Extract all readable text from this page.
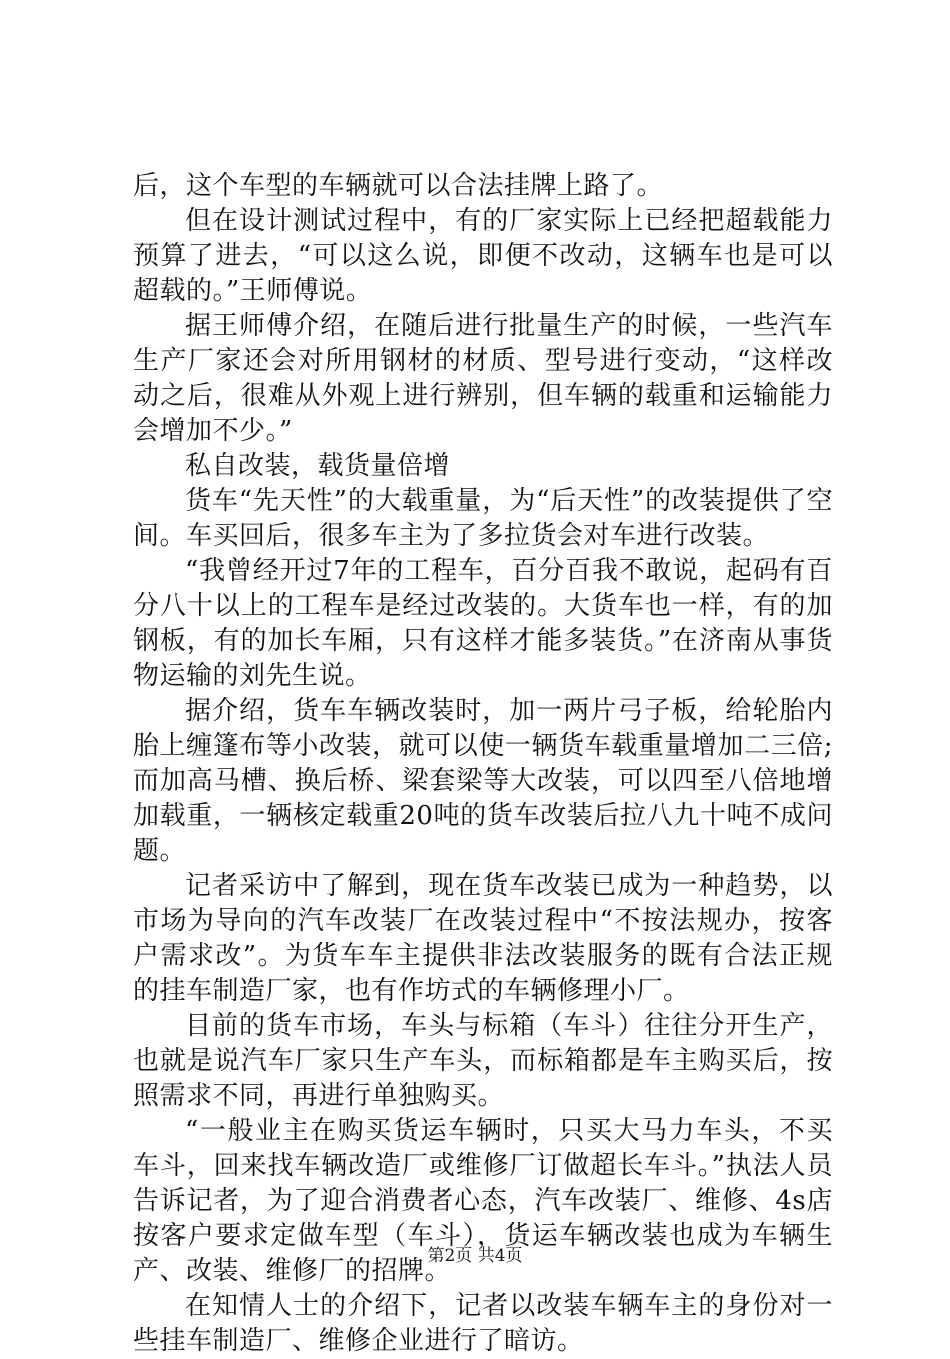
后，这个车型的车辆就可以合法挂牌上路了。

但在设计测试过程中，有的厂家实际上已经把超载能力预算了进去，“可以这么说，即便不改动，这辆车也是可以超载的。”王师傅说。

据王师傅介绍，在随后进行批量生产的时候，一些汽车生产厂家还会对所用钢材的材质、型号进行变动，“这样改动之后，很难从外观上进行辨别，但车辆的载重和运输能力会增加不少。”

私自改装，载货量倍增

货车“先天性”的大载重量，为“后天性”的改装提供了空间。车买回后，很多车主为了多拉货会对车进行改装。

“我曾经开过7年的工程车，百分百我不敢说，起码有百分八十以上的工程车是经过改装的。大货车也一样，有的加钢板，有的加长车厢，只有这样才能多装货。”在济南从事货物运输的刘先生说。

据介绍，货车车辆改装时，加一两片弓子板，给轮胎内胎上缠篷布等小改装，就可以使一辆货车载重量增加二三倍;而加高马槽、换后桥、梁套梁等大改装，可以四至八倍地增加载重，一辆核定载重20吨的货车改装后拉八九十吨不成问题。

记者采访中了解到，现在货车改装已成为一种趋势，以市场为导向的汽车改装厂在改装过程中“不按法规办，按客户需求改”。为货车车主提供非法改装服务的既有合法正规的挂车制造厂家，也有作坊式的车辆修理小厂。

目前的货车市场，车头与标箱（车斗）往往分开生产，也就是说汽车厂家只生产车头，而标箱都是车主购买后，按照需求不同，再进行单独购买。

“一般业主在购买货运车辆时，只买大马力车头，不买车斗，回来找车辆改造厂或维修厂订做超长车斗。”执法人员告诉记者，为了迎合消费者心态，汽车改装厂、维修、4s店按客户要求定做车型（车斗），货运车辆改装也成为车辆生产、改装、维修厂的招牌。

在知情人士的介绍下，记者以改装车辆车主的身份对一些挂车制造厂、维修企业进行了暗访。

第2页 共4页
